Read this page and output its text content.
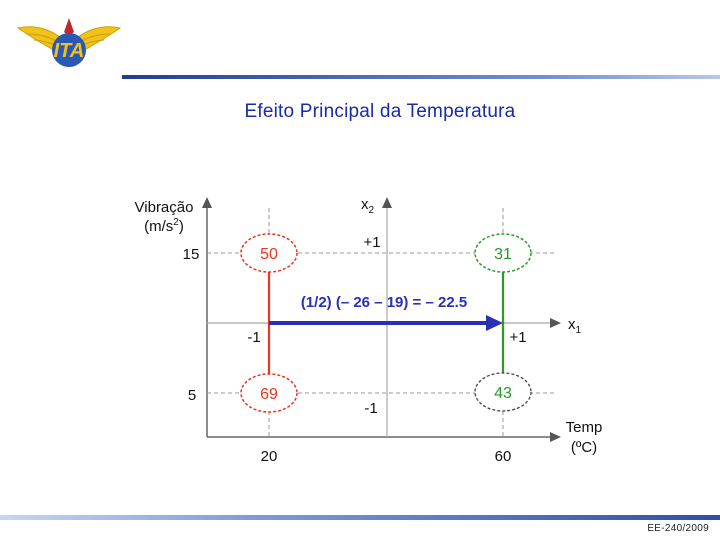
ITA
Efeito Principal da Temperatura
50	31
69	43
(1/2) (– 26 – 19) = – 22.5
Vibração
$(m/s^2)$
15
5
20	60
Temp
(ºC)
$x_2$
$x_1$
+1
-1
-1	+1
EE-240/2009
